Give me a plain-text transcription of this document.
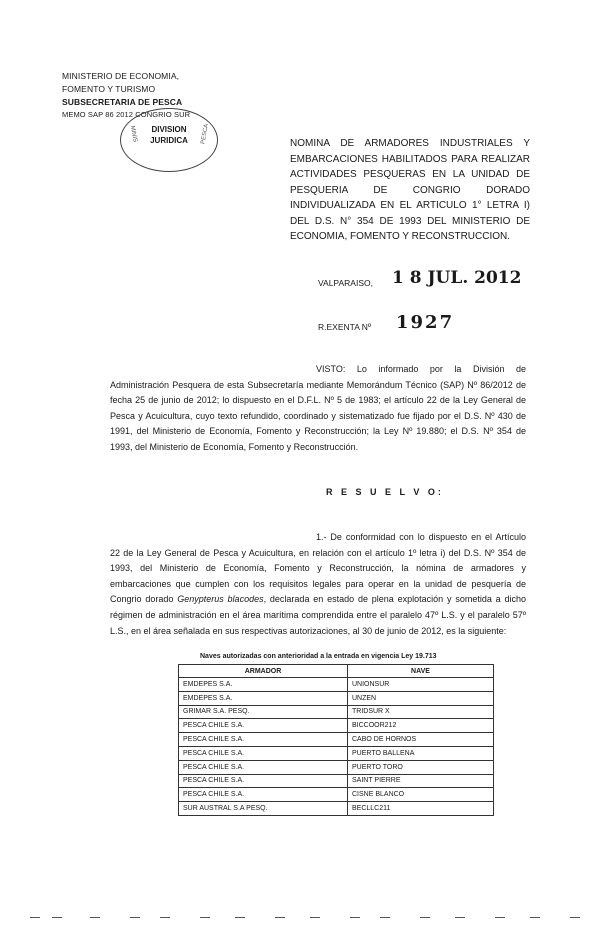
MINISTERIO DE ECONOMIA,
FOMENTO Y TURISMO
SUBSECRETARIA DE PESCA
MEMO SAP 86 2012 CONGRIO SUR
DIVISION
JURIDICA
MINIS	PESCA	NOMINA DE ARMADORES INDUSTRIALES Y EMBARCACIONES HABILITADOS PARA REALIZAR ACTIVIDADES PESQUERAS EN LA UNIDAD DE PESQUERIA DE CONGRIO DORADO INDIVIDUALIZADA EN EL ARTICULO 1° LETRA I) DEL D.S. N° 354 DE 1993 DEL MINISTERIO DE ECONOMIA, FOMENTO Y RECONSTRUCCION.
VALPARAISO, 1 8 JUL. 2012
R.EXENTA Nº 1927
VISTO: Lo informado por la División de Administración Pesquera de esta Subsecretaría mediante Memorándum Técnico (SAP) Nº 86/2012 de fecha 25 de junio de 2012; lo dispuesto en el D.F.L. Nº 5 de 1983; el artículo 22 de la Ley General de Pesca y Acuicultura, cuyo texto refundido, coordinado y sistematizado fue fijado por el D.S. Nº 430 de 1991, del Ministerio de Economía, Fomento y Reconstrucción; la Ley Nº 19.880; el D.S. Nº 354 de 1993, del Ministerio de Economía, Fomento y Reconstrucción.
R E S U E L V O:
1.- De conformidad con lo dispuesto en el Artículo 22 de la Ley General de Pesca y Acuicultura, en relación con el artículo 1º letra i) del D.S. Nº 354 de 1993, del Ministerio de Economía, Fomento y Reconstrucción, la nómina de armadores y embarcaciones que cumplen con los requisitos legales para operar en la unidad de pesquería de Congrio dorado Genypterus blacodes, declarada en estado de plena explotación y sometida a dicho régimen de administración en el área marítima comprendida entre el paralelo 47º L.S. y el paralelo 57º L.S., en el área señalada en sus respectivas autorizaciones, al 30 de junio de 2012, es la siguiente:
Naves autorizadas con anterioridad a la entrada en vigencia Ley 19.713
ARMADOR	NAVE
EMDEPES S.A.	UNIONSUR
EMDEPES S.A.	UNZEN
GRIMAR S.A. PESQ.	TRIDSUR X
PESCA CHILE S.A.	BICCOOR212
PESCA CHILE S.A.	CABO DE HORNOS
PESCA CHILE S.A.	PUERTO BALLENA
PESCA CHILE S.A.	PUERTO TORO
PESCA CHILE S.A.	SAINT PIERRE
PESCA CHILE S.A.	CISNE BLANCO
SUR AUSTRAL S.A PESQ.	BECLLC211
